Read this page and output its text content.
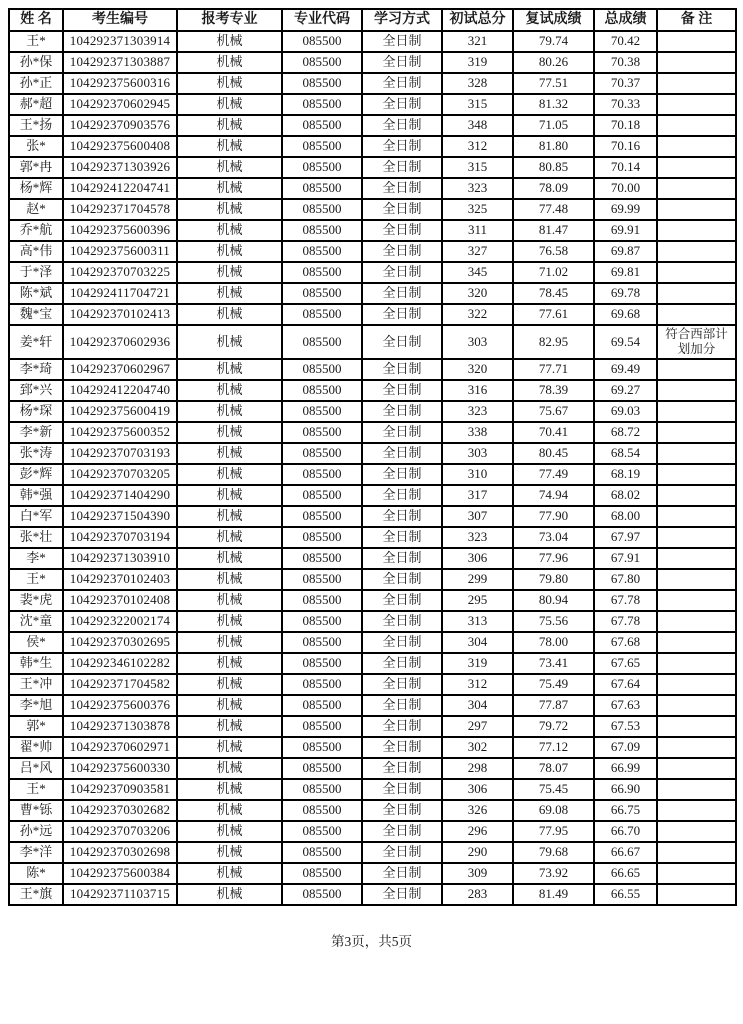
姓 名	考生编号	报考专业	专业代码	学习方式	初试总分	复试成绩	总成绩	备 注
王*	104292371303914	机械	085500	全日制	321	79.74	70.42	
孙*保	104292371303887	机械	085500	全日制	319	80.26	70.38	
孙*正	104292375600316	机械	085500	全日制	328	77.51	70.37	
郝*超	104292370602945	机械	085500	全日制	315	81.32	70.33	
王*扬	104292370903576	机械	085500	全日制	348	71.05	70.18	
张*	104292375600408	机械	085500	全日制	312	81.80	70.16	
郭*冉	104292371303926	机械	085500	全日制	315	80.85	70.14	
杨*辉	104292412204741	机械	085500	全日制	323	78.09	70.00	
赵*	104292371704578	机械	085500	全日制	325	77.48	69.99	
乔*航	104292375600396	机械	085500	全日制	311	81.47	69.91	
高*伟	104292375600311	机械	085500	全日制	327	76.58	69.87	
于*泽	104292370703225	机械	085500	全日制	345	71.02	69.81	
陈*斌	104292411704721	机械	085500	全日制	320	78.45	69.78	
魏*宝	104292370102413	机械	085500	全日制	322	77.61	69.68	
姜*轩	104292370602936	机械	085500	全日制	303	82.95	69.54	符合西部计划加分
李*琦	104292370602967	机械	085500	全日制	320	77.71	69.49	
郅*兴	104292412204740	机械	085500	全日制	316	78.39	69.27	
杨*琛	104292375600419	机械	085500	全日制	323	75.67	69.03	
李*新	104292375600352	机械	085500	全日制	338	70.41	68.72	
张*涛	104292370703193	机械	085500	全日制	303	80.45	68.54	
彭*辉	104292370703205	机械	085500	全日制	310	77.49	68.19	
韩*强	104292371404290	机械	085500	全日制	317	74.94	68.02	
白*军	104292371504390	机械	085500	全日制	307	77.90	68.00	
张*壮	104292370703194	机械	085500	全日制	323	73.04	67.97	
李*	104292371303910	机械	085500	全日制	306	77.96	67.91	
王*	104292370102403	机械	085500	全日制	299	79.80	67.80	
裴*虎	104292370102408	机械	085500	全日制	295	80.94	67.78	
沈*童	104292322002174	机械	085500	全日制	313	75.56	67.78	
侯*	104292370302695	机械	085500	全日制	304	78.00	67.68	
韩*生	104292346102282	机械	085500	全日制	319	73.41	67.65	
王*冲	104292371704582	机械	085500	全日制	312	75.49	67.64	
李*旭	104292375600376	机械	085500	全日制	304	77.87	67.63	
郭*	104292371303878	机械	085500	全日制	297	79.72	67.53	
翟*帅	104292370602971	机械	085500	全日制	302	77.12	67.09	
吕*风	104292375600330	机械	085500	全日制	298	78.07	66.99	
王*	104292370903581	机械	085500	全日制	306	75.45	66.90	
曹*铄	104292370302682	机械	085500	全日制	326	69.08	66.75	
孙*远	104292370703206	机械	085500	全日制	296	77.95	66.70	
李*洋	104292370302698	机械	085500	全日制	290	79.68	66.67	
陈*	104292375600384	机械	085500	全日制	309	73.92	66.65	
王*旗	104292371103715	机械	085500	全日制	283	81.49	66.55	
第3页，共5页
